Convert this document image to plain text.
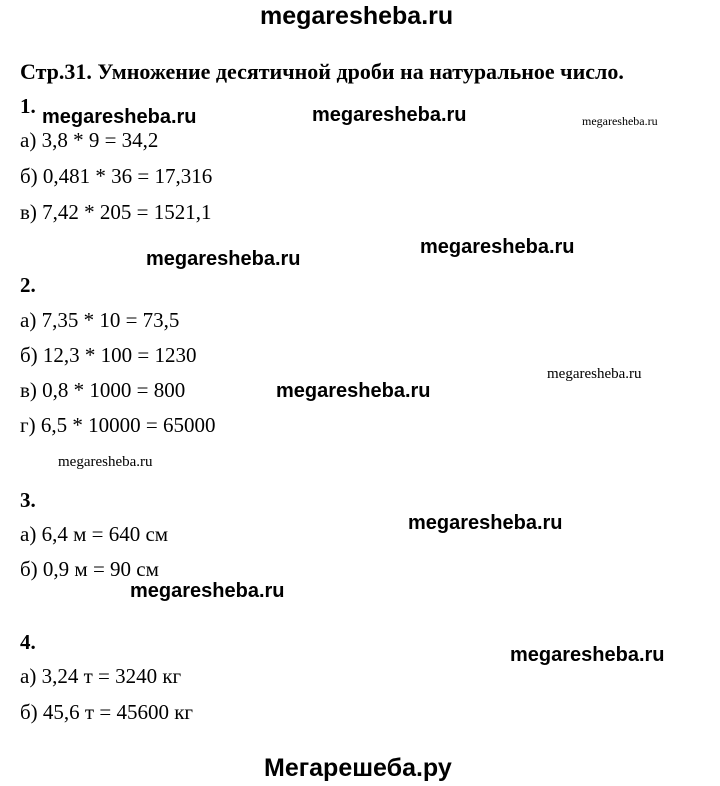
megaresheba.ru
Стр.31. Умножение десятичной дроби на натуральное число.
1.
а) 3,8 * 9 = 34,2
б) 0,481 * 36 = 17,316
в) 7,42 * 205 = 1521,1
2.
а) 7,35 * 10 = 73,5
б) 12,3 * 100 = 1230
в) 0,8 * 1000 = 800
г) 6,5 * 10000 = 65000
3.
а) 6,4 м = 640 см
б) 0,9 м = 90 см
4.
а) 3,24 т = 3240 кг
б) 45,6 т = 45600 кг
megaresheba.ru	megaresheba.ru	megaresheba.ru
megaresheba.ru
megaresheba.ru
megaresheba.ru
megaresheba.ru
megaresheba.ru
megaresheba.ru
megaresheba.ru
megaresheba.ru
Мегарешеба.ру
